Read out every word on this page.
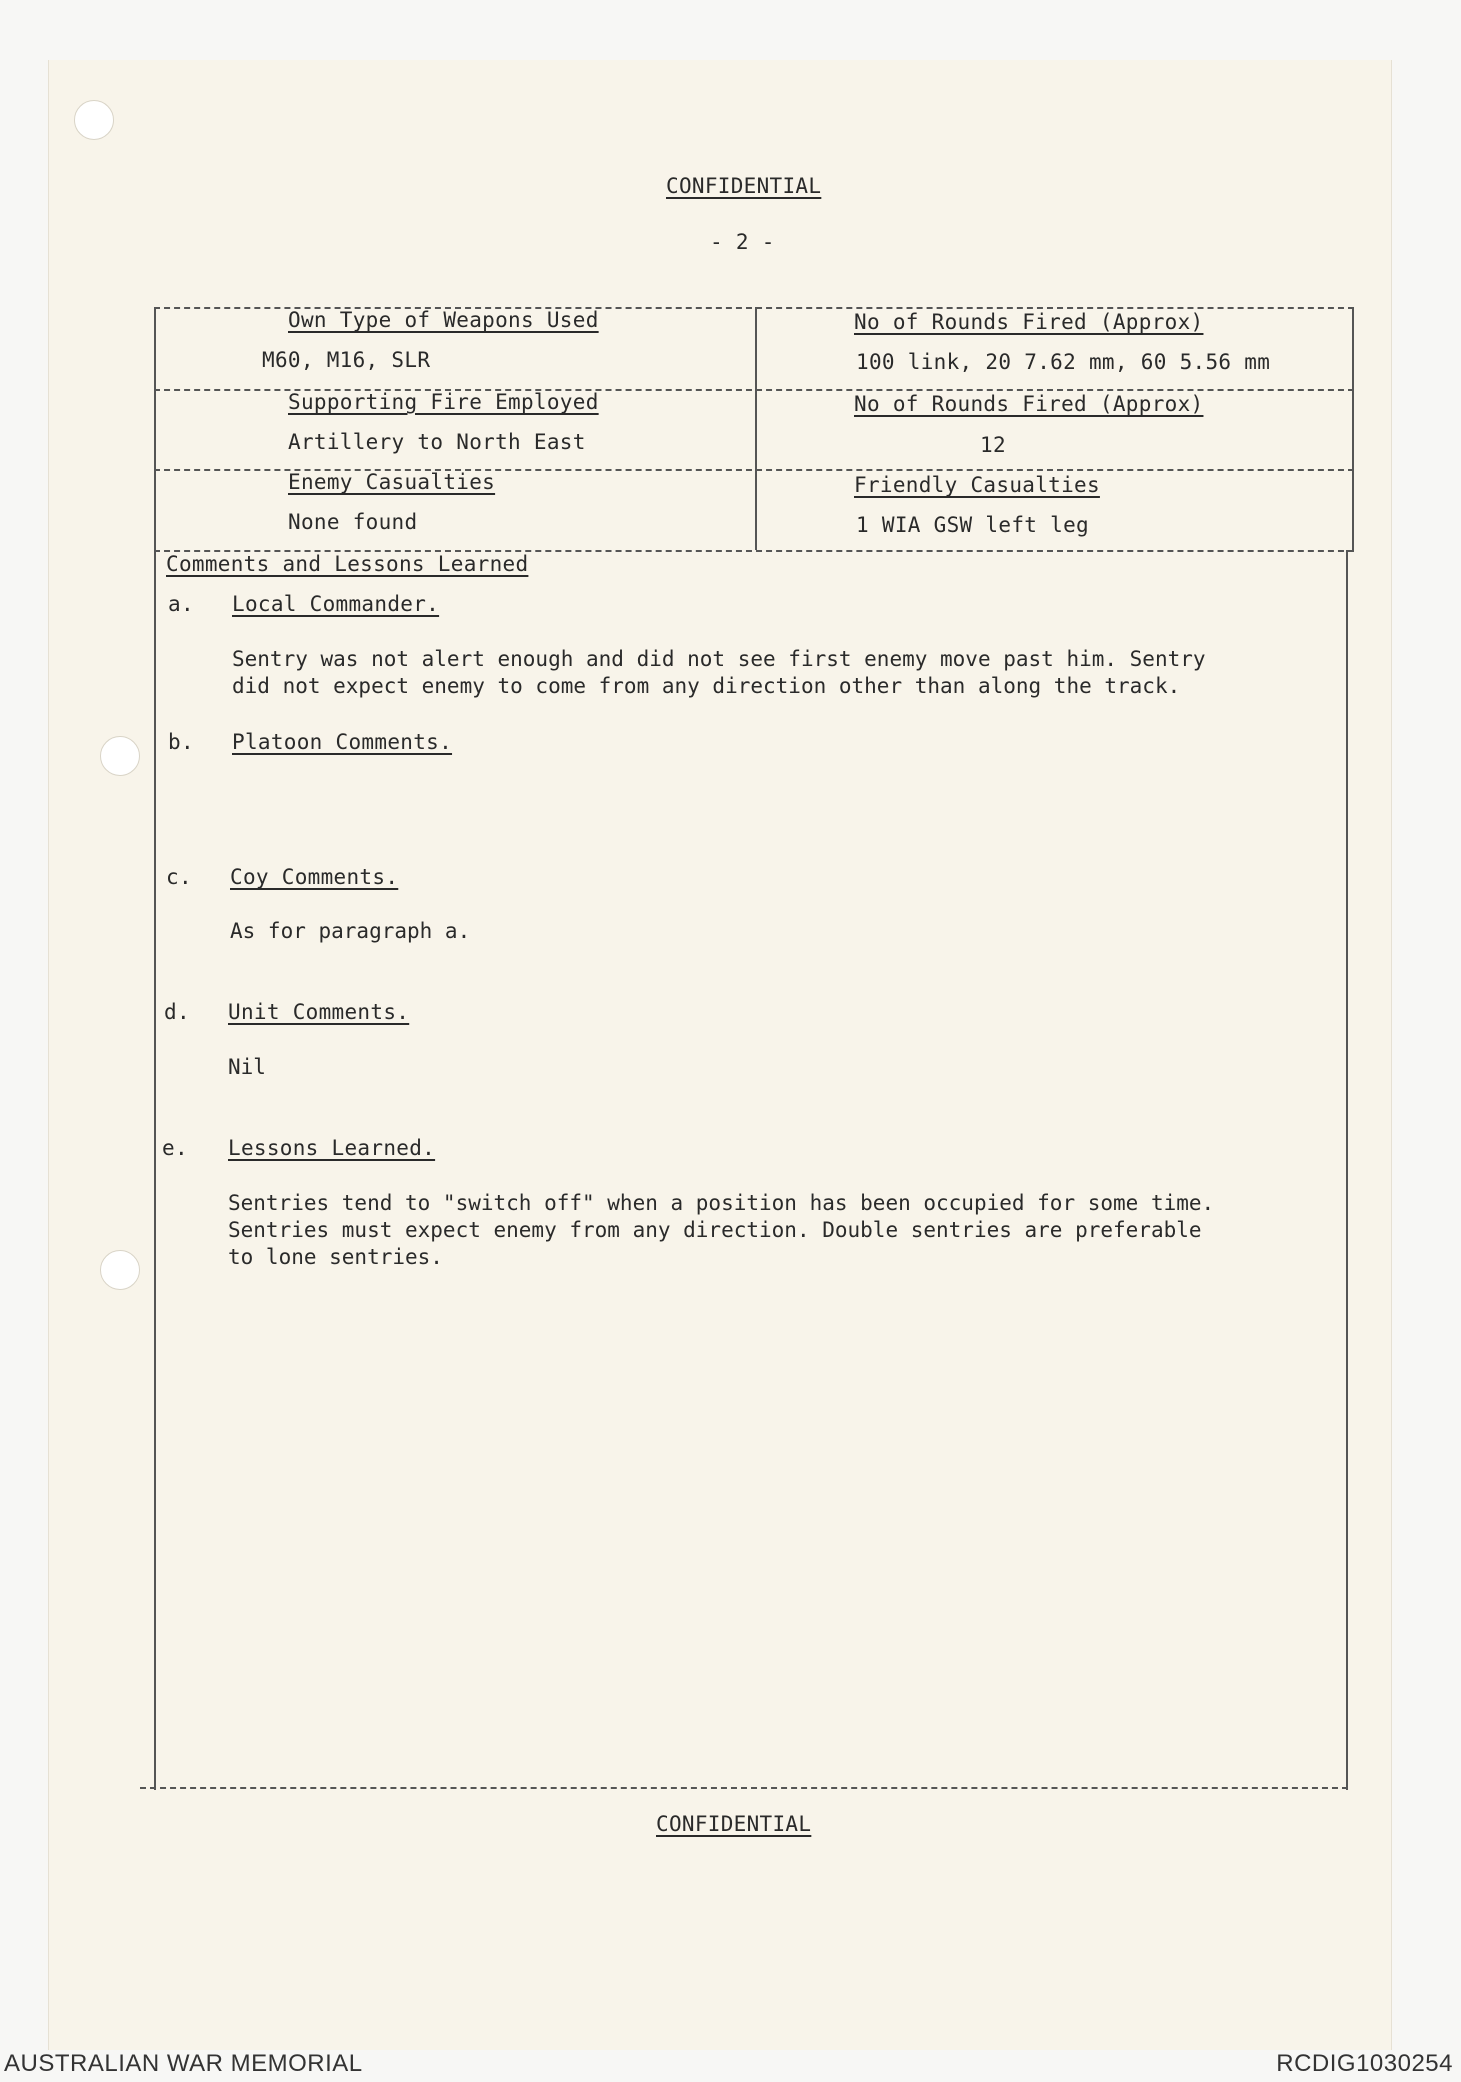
CONFIDENTIAL
- 2 -
Own Type of Weapons Used
M60, M16, SLR
No of Rounds Fired (Approx)
100 link, 20 7.62 mm, 60 5.56 mm
Supporting Fire Employed
Artillery to North East
No of Rounds Fired (Approx)
12
Enemy Casualties
None found
Friendly Casualties
1 WIA GSW left leg
Comments and Lessons Learned
a. Local Commander.
Sentry was not alert enough and did not see first enemy move past him. Sentry
did not expect enemy to come from any direction other than along the track.
b. Platoon Comments.
c. Coy Comments.
As for paragraph a.
d. Unit Comments.
Nil
e. Lessons Learned.
Sentries tend to "switch off" when a position has been occupied for some time.
Sentries must expect enemy from any direction. Double sentries are preferable
to lone sentries.
CONFIDENTIAL
AUSTRALIAN WAR MEMORIAL	RCDIG1030254
